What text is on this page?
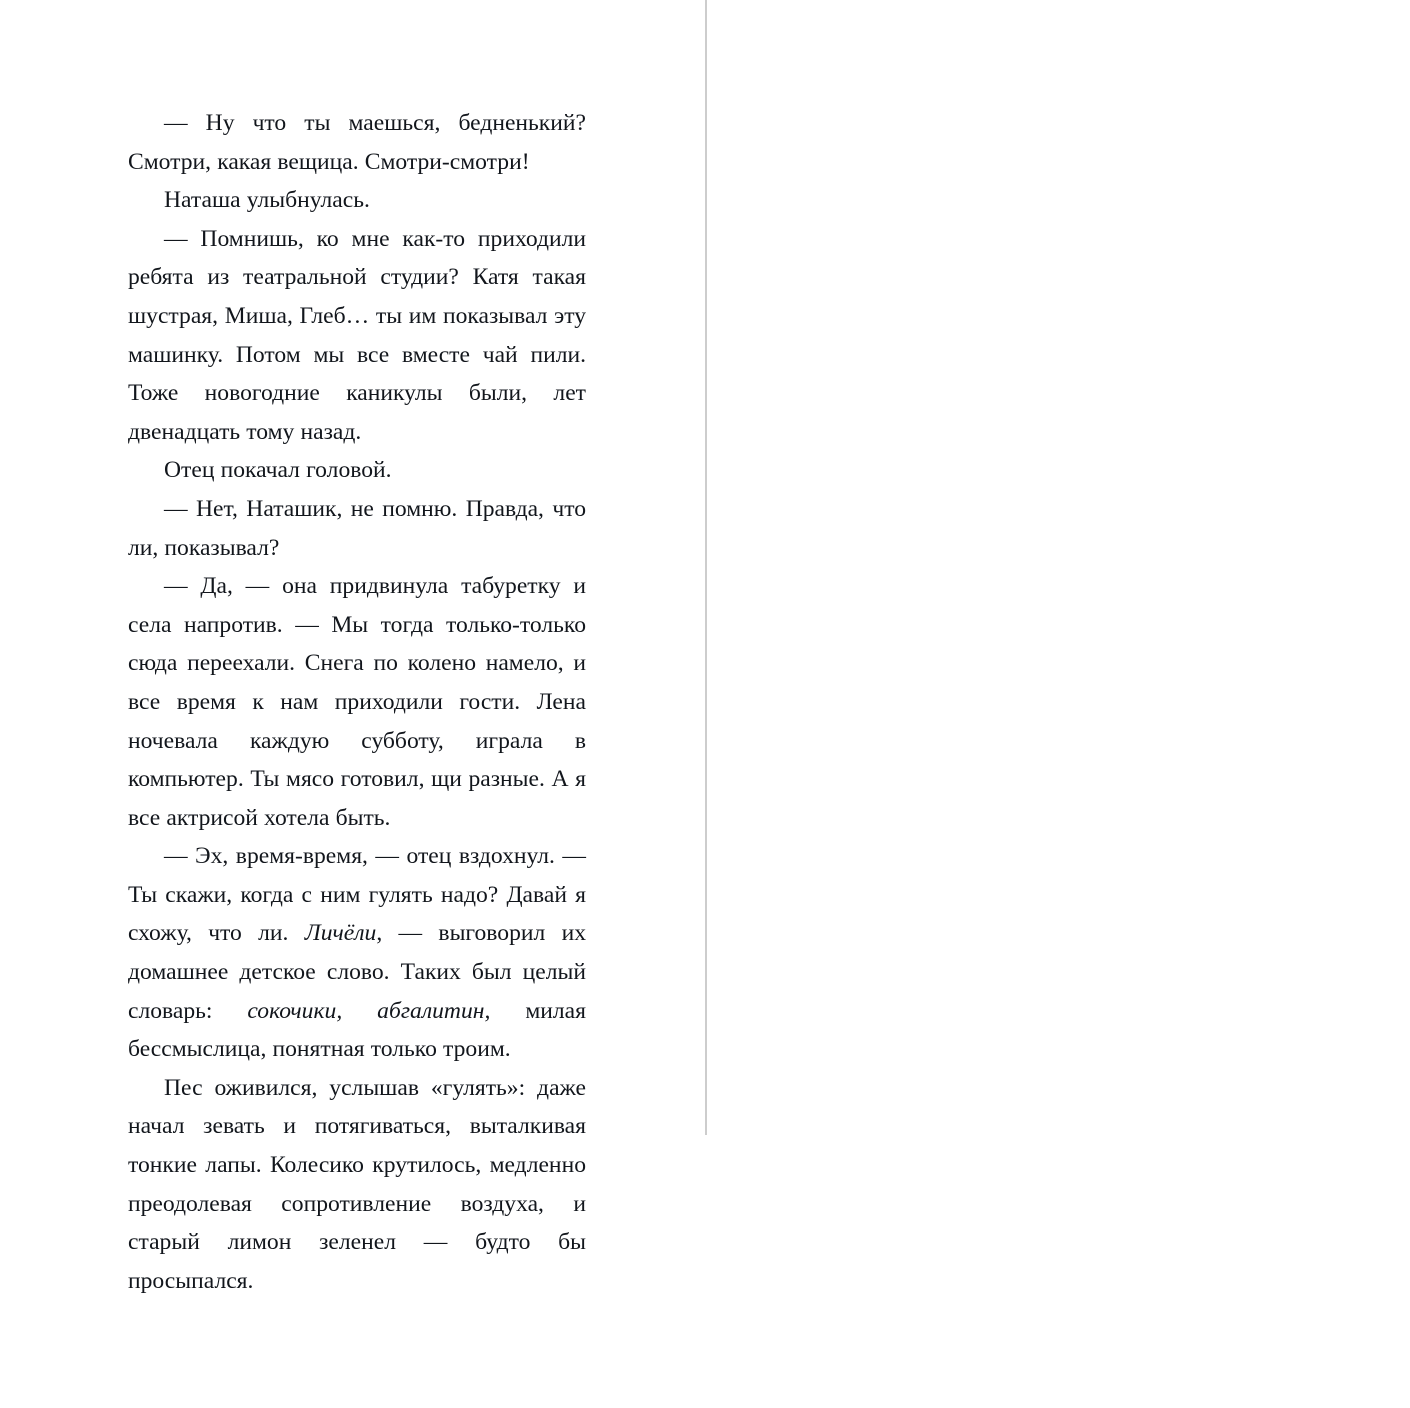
— Ну что ты маешься, бедненький? Смотри, какая вещица. Смотри-смотри!

Наташа улыбнулась.

— Помнишь, ко мне как-то приходили ребята из театральной студии? Катя такая шустрая, Миша, Глеб… ты им показывал эту машинку. Потом мы все вместе чай пили. Тоже новогодние каникулы были, лет двенадцать тому назад.

Отец покачал головой.

— Нет, Наташик, не помню. Правда, что ли, показывал?

— Да, — она придвинула табуретку и села напротив. — Мы тогда только-только сюда переехали. Снега по колено намело, и все время к нам приходили гости. Лена ночевала каждую субботу, играла в компьютер. Ты мясо готовил, щи разные. А я все актрисой хотела быть.

— Эх, время-время, — отец вздохнул. — Ты скажи, когда с ним гулять надо? Давай я схожу, что ли. Личёли, — выговорил их домашнее детское слово. Таких был целый словарь: сокочики, абгалитин, милая бессмыслица, понятная только троим.

Пес оживился, услышав «гулять»: даже начал зевать и потягиваться, выталкивая тонкие лапы. Колесико крутилось, медленно преодолевая сопротивление воздуха, и старый лимон зеленел — будто бы просыпался.
